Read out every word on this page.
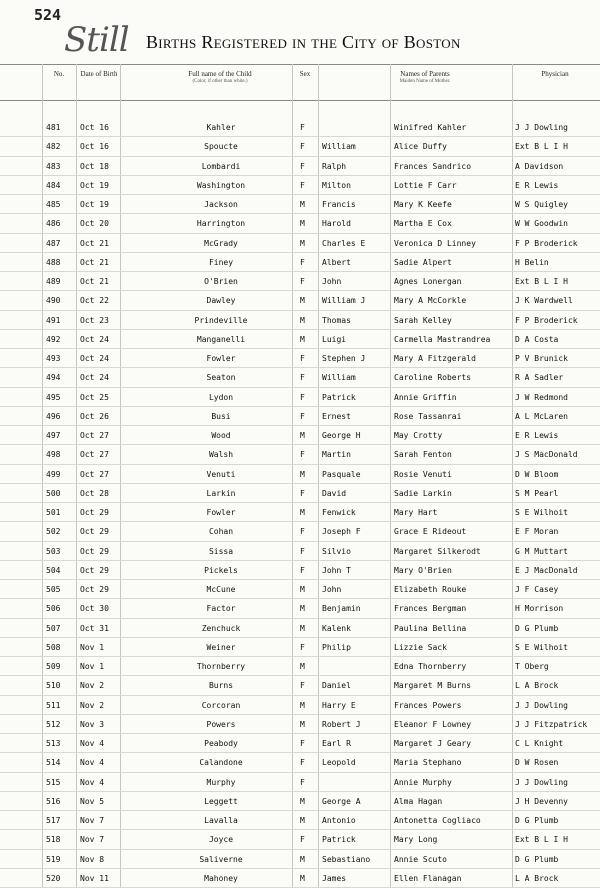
524
Still Births Registered in the City of Boston
No.	Date of Birth	Full name of the Child
(Color, if other than white.)
Sex	Names of Parents
Maiden Name of Mother.
Physician
481 Oct 16	Kahler	F	Winifred Kahler	J J Dowling
482 Oct 16	Spoucte	F William	Alice Duffy	Ext B L I H
483 Oct 18	Lombardi	F Ralph	Frances Sandrico	A Davidson
484 Oct 19	Washington	F Milton	Lottie F Carr	E R Lewis
485 Oct 19	Jackson	M Francis	Mary K Keefe	W S Quigley
486 Oct 20	Harrington	M Harold	Martha E Cox	W W Goodwin
487 Oct 21	McGrady	M Charles E	Veronica D Linney	F P Broderick
488 Oct 21	Finey	F Albert	Sadie Alpert	H Belin
489 Oct 21	O'Brien	F John	Agnes Lonergan	Ext B L I H
490 Oct 22	Dawley	M William J	Mary A McCorkle	J K Wardwell
491 Oct 23	Prindeville	M Thomas	Sarah Kelley	F P Broderick
492 Oct 24	Manganelli	M Luigi	Carmella Mastrandrea	D A Costa
493 Oct 24	Fowler	F Stephen J	Mary A Fitzgerald	P V Brunick
494 Oct 24	Seaton	F William	Caroline Roberts	R A Sadler
495 Oct 25	Lydon	F Patrick	Annie Griffin	J W Redmond
496 Oct 26	Busi	F Ernest	Rose Tassanrai	A L McLaren
497 Oct 27	Wood	M George H	May Crotty	E R Lewis
498 Oct 27	Walsh	F Martin	Sarah Fenton	J S MacDonald
499 Oct 27	Venuti	M Pasquale	Rosie Venuti	D W Bloom
500 Oct 28	Larkin	F David	Sadie Larkin	S M Pearl
501 Oct 29	Fowler	M Fenwick	Mary Hart	S E Wilhoit
502 Oct 29	Cohan	F Joseph F	Grace E Rideout	E F Moran
503 Oct 29	Sissa	F Silvio	Margaret Silkerodt	G M Muttart
504 Oct 29	Pickels	F John T	Mary O'Brien	E J MacDonald
505 Oct 29	McCune	M John	Elizabeth Rouke	J F Casey
506 Oct 30	Factor	M Benjamin	Frances Bergman	H Morrison
507 Oct 31	Zenchuck	M Kalenk	Paulina Bellina	D G Plumb
508 Nov 1	Weiner	F Philip	Lizzie Sack	S E Wilhoit
509 Nov 1	Thornberry	M	Edna Thornberry	T Oberg
510 Nov 2	Burns	F Daniel	Margaret M Burns	L A Brock
511 Nov 2	Corcoran	M Harry E	Frances Powers	J J Dowling
512 Nov 3	Powers	M Robert J	Eleanor F Lowney	J J Fitzpatrick
513 Nov 4	Peabody	F Earl R	Margaret J Geary	C L Knight
514 Nov 4	Calandone	F Leopold	Maria Stephano	D W Rosen
515 Nov 4	Murphy	F	Annie Murphy	J J Dowling
516 Nov 5	Leggett	M George A	Alma Hagan	J H Devenny
517 Nov 7	Lavalla	M Antonio	Antonetta Cogliaco	D G Plumb
518 Nov 7	Joyce	F Patrick	Mary Long	Ext B L I H
519 Nov 8	Saliverne	M Sebastiano	Annie Scuto	D G Plumb
520 Nov 11	Mahoney	M James	Ellen Flanagan	L A Brock
